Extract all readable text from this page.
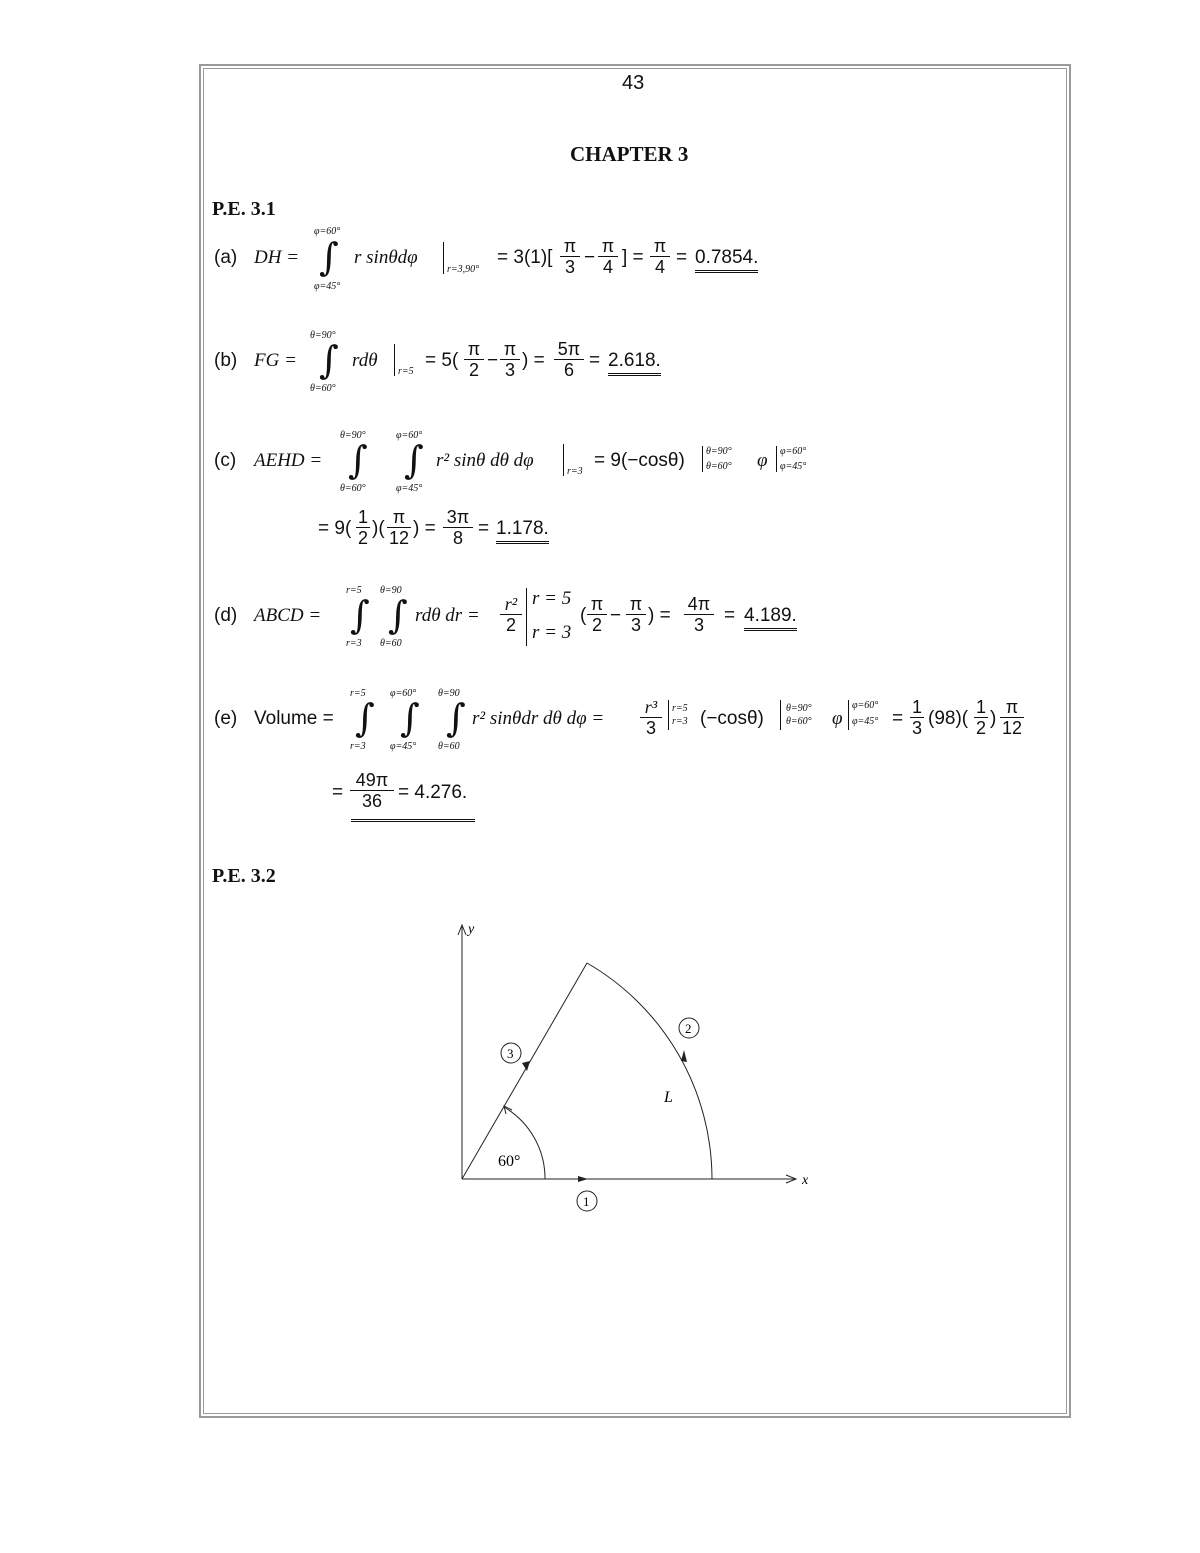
43
CHAPTER 3
P.E. 3.1
(a) DH =
φ=60°
∫
φ=45°
r sinθdφ
r=3,90°
= $3(1)[ \frac{\pi}{3} - \frac{\pi}{4}$ ] = $\frac{\pi}{4} = 0.7854$.
(b) FG =
θ=90°
∫
θ=60°
rdθ
r=5
= $5( \frac{\pi}{2} - \frac{\pi}{3}$ ) = $\frac{5\pi}{6} = 2.618$.
(c) AEHD =
θ=90°
∫
θ=60°
φ=60°
∫
φ=45°
r² sinθ dθ dφ
r=3
= 9(−cosθ) θ=90°
θ=60° φ φ=60°
φ=45°
= $9( \frac{1}{2}$ )( $\frac{\pi}{12}$ ) = $\frac{3\pi}{8} = 1.178$.
(d) ABCD =
r=5
∫
r=3
θ=90
∫
θ=60
rdθ dr = $\frac{\text{r²}}{2}$ r = 5
r = 3
( $\frac{\pi}{2} - \frac{\pi}{3}$ ) = $\frac{4\pi}{3} = 4.189$.
(e) Volume =
r=5
∫
r=3
φ=60°
∫
φ=45°
θ=90
∫
θ=60
r² sinθdr dθ $d\varphi = \frac{\text{r³}}{3} r=5$
r=3 (−cosθ) θ=90°
θ=60° φ
φ=60°
$\varphi=45^\circ = \frac{1}{3} (98)( \frac{1}{2}$ ) $\frac{\pi}{12}$
= $\frac{49\pi}{36} = 4.276$.
P.E. 3.2
y
x
60°
L
1
2
3
